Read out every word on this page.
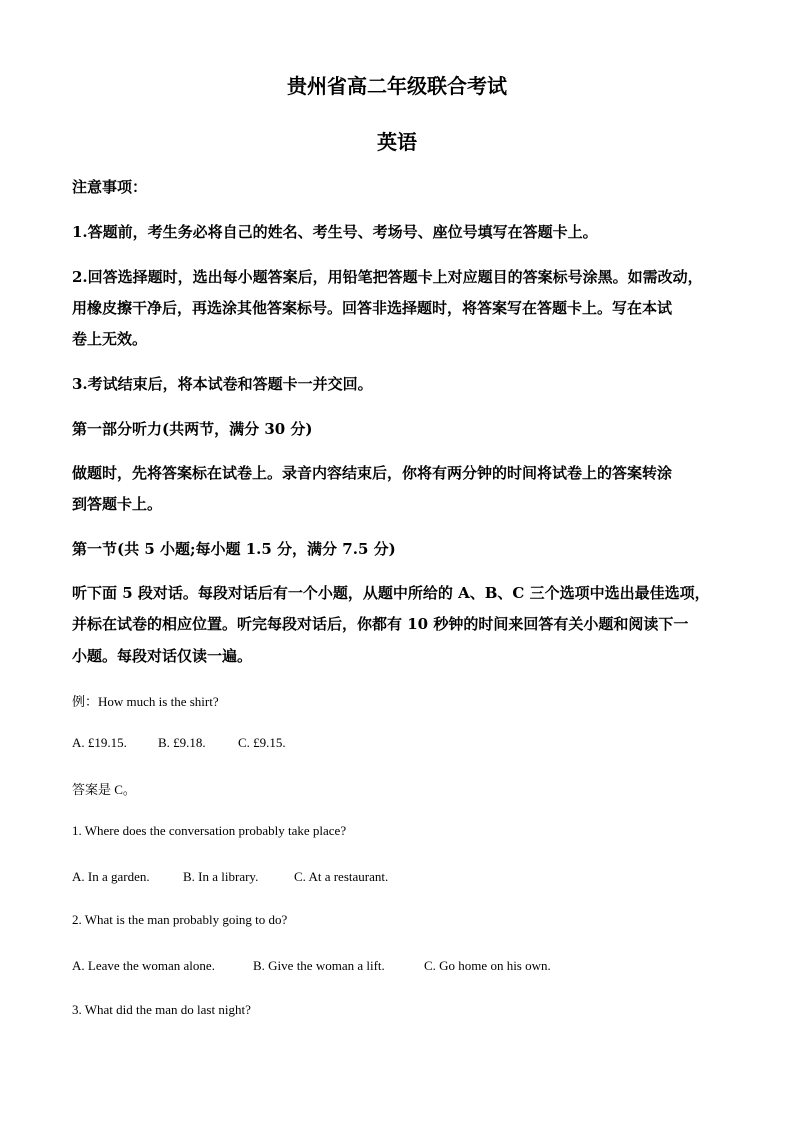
贵州省高二年级联合考试
英语
注意事项：
1.答题前，考生务必将自己的姓名、考生号、考场号、座位号填写在答题卡上。
2.回答选择题时，选出每小题答案后，用铅笔把答题卡上对应题目的答案标号涂黑。如需改动，
用橡皮擦干净后，再选涂其他答案标号。回答非选择题时，将答案写在答题卡上。写在本试
卷上无效。
3.考试结束后，将本试卷和答题卡一并交回。
第一部分听力(共两节，满分 30 分)
做题时，先将答案标在试卷上。录音内容结束后，你将有两分钟的时间将试卷上的答案转涂
到答题卡上。
第一节(共 5 小题;每小题 1.5 分，满分 7.5 分)
听下面 5 段对话。每段对话后有一个小题，从题中所给的 A、B、C 三个选项中选出最佳选项，
并标在试卷的相应位置。听完每段对话后，你都有 10 秒钟的时间来回答有关小题和阅读下一
小题。每段对话仅读一遍。
例：How much is the shirt?
A. £19.15. B. £9.18. C. £9.15.
答案是 C。
1. Where does the conversation probably take place?
A. In a garden.	B. In a library.	C. At a restaurant.
2. What is the man probably going to do?
A. Leave the woman alone.	B. Give the woman a lift.	C. Go home on his own.
3. What did the man do last night?
